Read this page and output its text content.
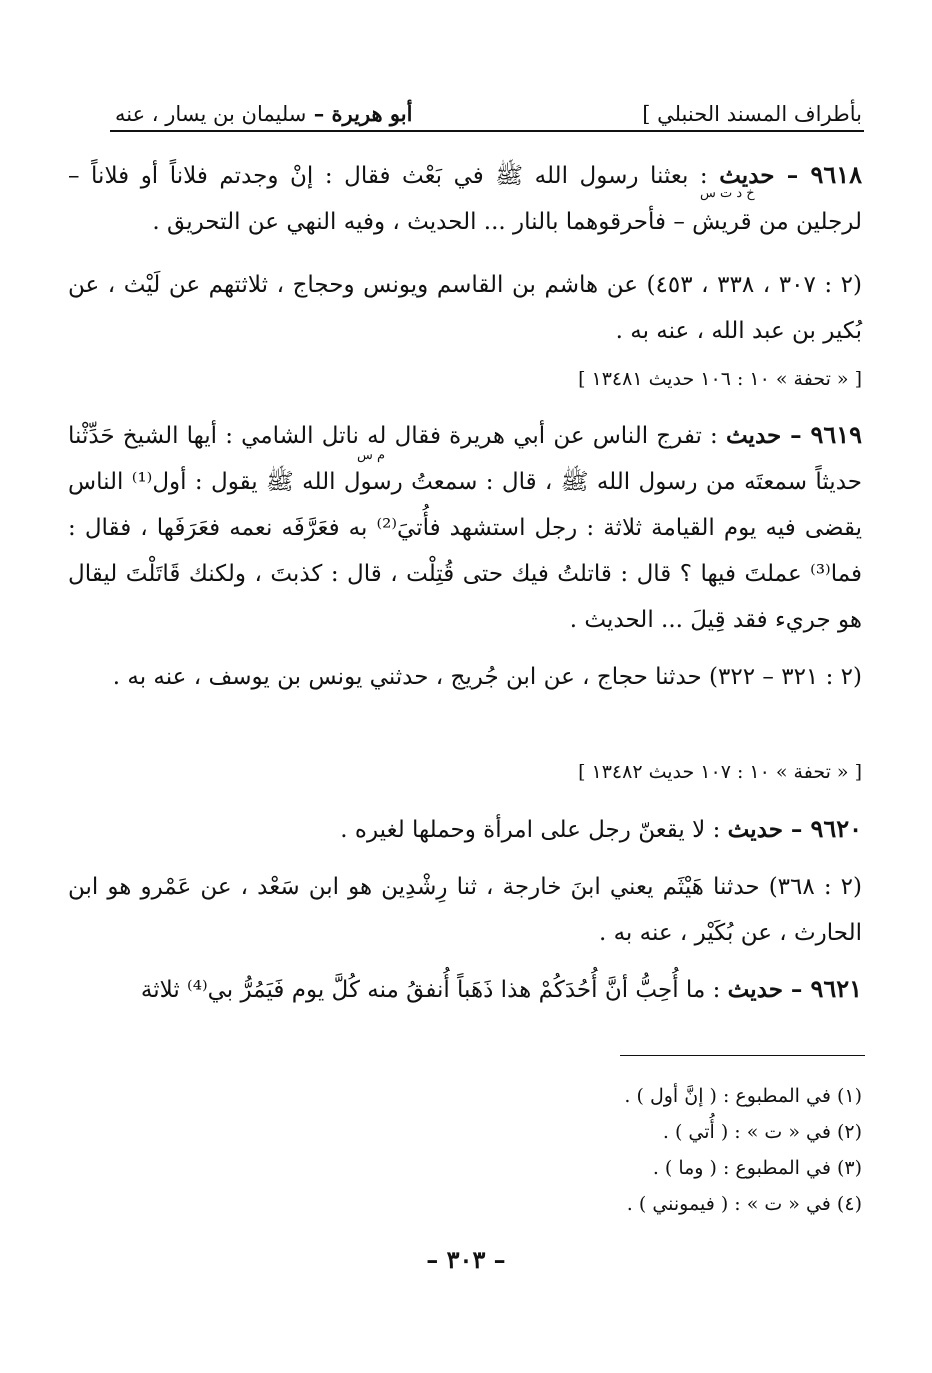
بأطراف المسند الحنبلي ]
أبو هريرة – سليمان بن يسار ، عنه
٩٦١٨ – حديث : بعثنا رسول الله ﷺ في بَعْث فقال : إنْ وجدتم فلاناً أو فلاناً – لرجلين من قريش – فأحرقوهما بالنار ... الحديث ، وفيه النهي عن التحريق .
خ د ت س
(٢ : ٣٠٧ ، ٣٣٨ ، ٤٥٣) عن هاشم بن القاسم ويونس وحجاج ، ثلاثتهم عن لَيْث ، عن بُكير بن عبد الله ، عنه به .
[ « تحفة » ١٠ : ١٠٦ حديث ١٣٤٨١ ]
٩٦١٩ – حديث : تفرج الناس عن أبي هريرة فقال له ناتل الشامي : أيها الشيخ حَدِّثْنا حديثاً سمعتَه من رسول الله ﷺ ، قال : سمعتُ رسول الله ﷺ يقول : أول⁽¹⁾ الناس يقضى فيه يوم القيامة ثلاثة : رجل استشهد فأُتيَ⁽²⁾ به فعَرَّفَه نعمه فعَرَفَها ، فقال : فما⁽³⁾ عملتَ فيها ؟ قال : قاتلتُ فيك حتى قُتِلْت ، قال : كذبتَ ، ولكنك قَاتَلْتَ ليقال هو جريء فقد قِيلَ ... الحديث .
م س
(٢ : ٣٢١ – ٣٢٢) حدثنا حجاج ، عن ابن جُريج ، حدثني يونس بن يوسف ، عنه به .
[ « تحفة » ١٠ : ١٠٧ حديث ١٣٤٨٢ ]
٩٦٢٠ – حديث : لا يقعنّ رجل على امرأة وحملها لغيره .
(٢ : ٣٦٨) حدثنا هَيْثَم يعني ابنَ خارجة ، ثنا رِشْدِين هو ابن سَعْد ، عن عَمْرو هو ابن الحارث ، عن بُكَيْر ، عنه به .
٩٦٢١ – حديث : ما أُحِبُّ أنَّ أُحُدَكُمْ هذا ذَهَباً أُنفقُ منه كُلَّ يوم فَيَمُرُّ بي⁽⁴⁾ ثلاثة
(١) في المطبوع : ( إنَّ أول ) .
(٢) في « ت » : ( أُتي ) .
(٣) في المطبوع : ( وما ) .
(٤) في « ت » : ( فيمونني ) .
– ٣٠٣ –
